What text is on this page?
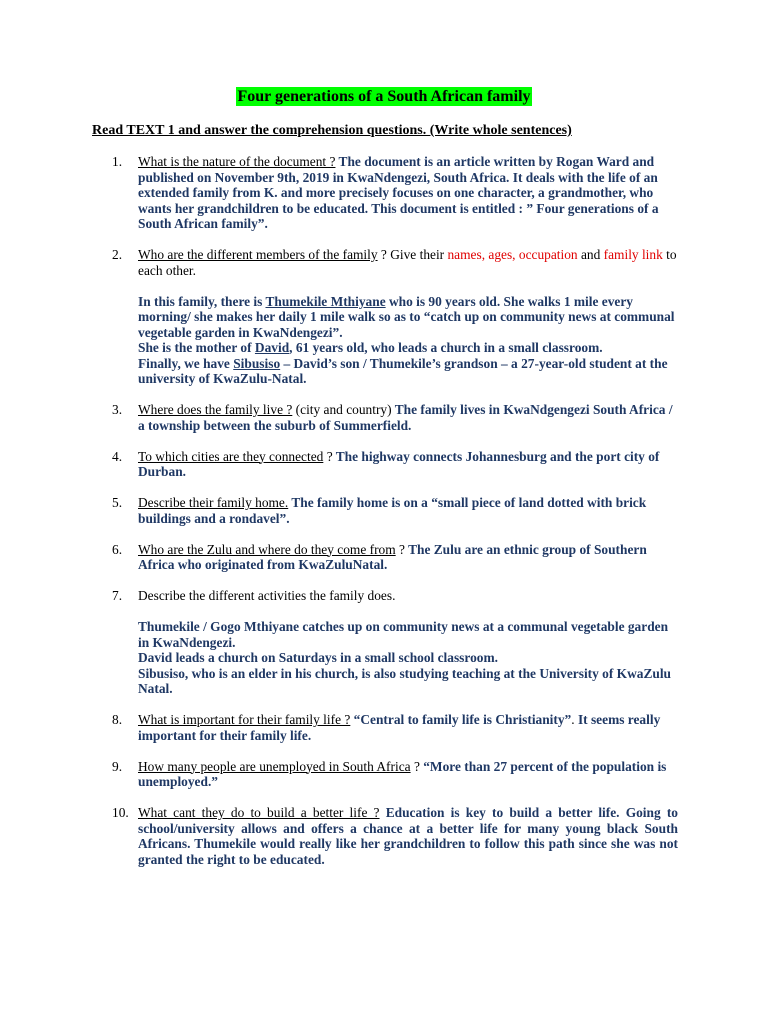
Four generations of a South African family
Read TEXT 1 and answer the comprehension questions. (Write whole sentences)
1. What is the nature of the document ? The document is an article written by Rogan Ward and published on November 9th, 2019 in KwaNdengezi, South Africa. It deals with the life of an extended family from K. and more precisely focuses on one character, a grandmother, who wants her grandchildren to be educated. This document is entitled : ” Four generations of a South African family”.
2. Who are the different members of the family ? Give their names, ages, occupation and family link to each other.
In this family, there is Thumekile Mthiyane who is 90 years old. She walks 1 mile every morning/ she makes her daily 1 mile walk so as to “catch up on community news at communal vegetable garden in KwaNdengezi”.
She is the mother of David, 61 years old, who leads a church in a small classroom.
Finally, we have Sibusiso – David’s son / Thumekile’s grandson – a 27-year-old student at the university of KwaZulu-Natal.
3. Where does the family live ? (city and country) The family lives in KwaNdgengezi South Africa / a township between the suburb of Summerfield.
4. To which cities are they connected ? The highway connects Johannesburg and the port city of Durban.
5. Describe their family home. The family home is on a “small piece of land dotted with brick buildings and a rondavel”.
6. Who are the Zulu and where do they come from ? The Zulu are an ethnic group of Southern Africa who originated from KwaZuluNatal.
7. Describe the different activities the family does.
Thumekile / Gogo Mthiyane catches up on community news at a communal vegetable garden in KwaNdengezi.
David leads a church on Saturdays in a small school classroom.
Sibusiso, who is an elder in his church, is also studying teaching at the University of KwaZulu Natal.
8. What is important for their family life ? “Central to family life is Christianity”. It seems really important for their family life.
9. How many people are unemployed in South Africa ? “More than 27 percent of the population is unemployed.”
10. What cant they do to build a better life ? Education is key to build a better life. Going to school/university allows and offers a chance at a better life for many young black South Africans. Thumekile would really like her grandchildren to follow this path since she was not granted the right to be educated.
